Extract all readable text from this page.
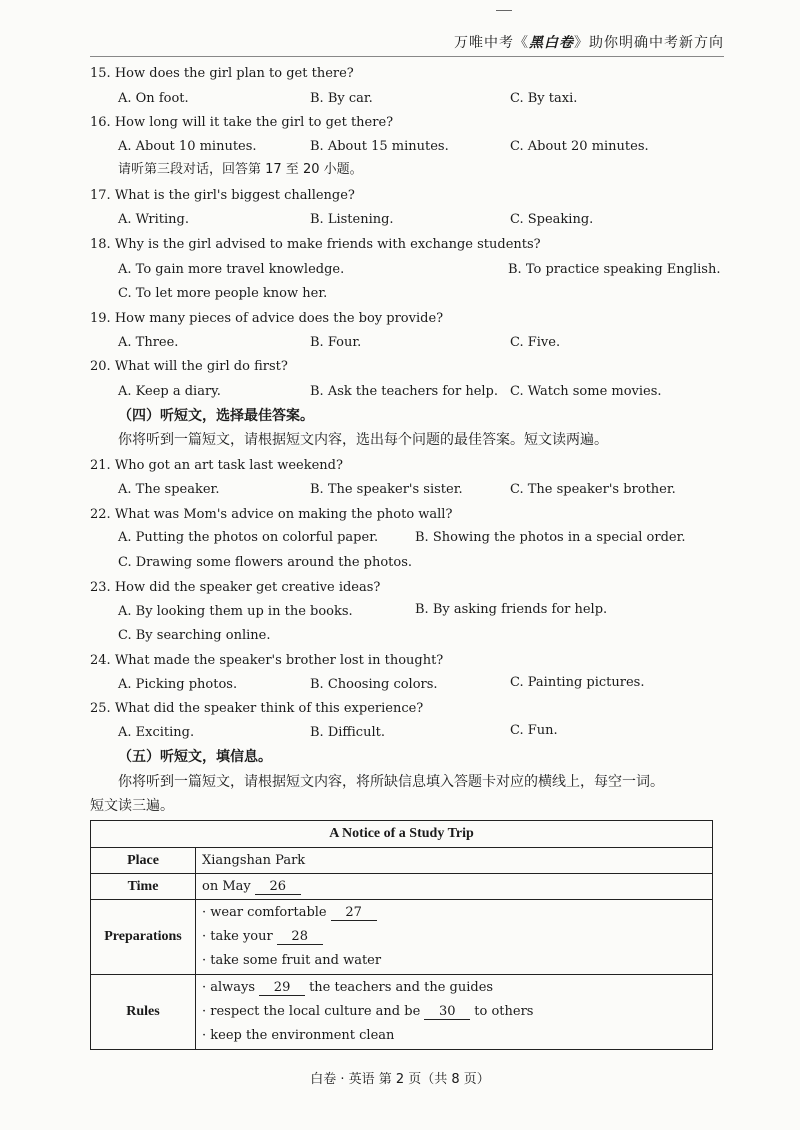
万唯中考《黑白卷》助你明确中考新方向
15. How does the girl plan to get there?
A. On foot.	B. By car.	C. By taxi.
16. How long will it take the girl to get there?
A. About 10 minutes.	B. About 15 minutes.	C. About 20 minutes.
请听第三段对话，回答第 17 至 20 小题。
17. What is the girl's biggest challenge?
A. Writing.	B. Listening.	C. Speaking.
18. Why is the girl advised to make friends with exchange students?
A. To gain more travel knowledge.	B. To practice speaking English.
C. To let more people know her.
19. How many pieces of advice does the boy provide?
A. Three.	B. Four.	C. Five.
20. What will the girl do first?
A. Keep a diary.	B. Ask the teachers for help. C. Watch some movies.
（四）听短文，选择最佳答案。
你将听到一篇短文，请根据短文内容，选出每个问题的最佳答案。短文读两遍。
21. Who got an art task last weekend?
A. The speaker.	B. The speaker's sister.	C. The speaker's brother.
22. What was Mom's advice on making the photo wall?
A. Putting the photos on colorful paper.	B. Showing the photos in a special order.
C. Drawing some flowers around the photos.
23. How did the speaker get creative ideas?
A. By looking them up in the books.	B. By asking friends for help.
C. By searching online.
24. What made the speaker's brother lost in thought?
A. Picking photos.	B. Choosing colors.	C. Painting pictures.
25. What did the speaker think of this experience?
A. Exciting.	B. Difficult.	C. Fun.
（五）听短文，填信息。
你将听到一篇短文，请根据短文内容，将所缺信息填入答题卡对应的横线上，每空一词。
短文读三遍。
A Notice of a Study Trip	
Place	Xiangshan Park
Time	on May 26
Preparations	· wear comfortable 27
· take your 28
· take some fruit and water

Rules	· always 29 the teachers and the guides
· respect the local culture and be 30 to others
· keep the environment clean
白卷 · 英语 第 2 页（共 8 页）
